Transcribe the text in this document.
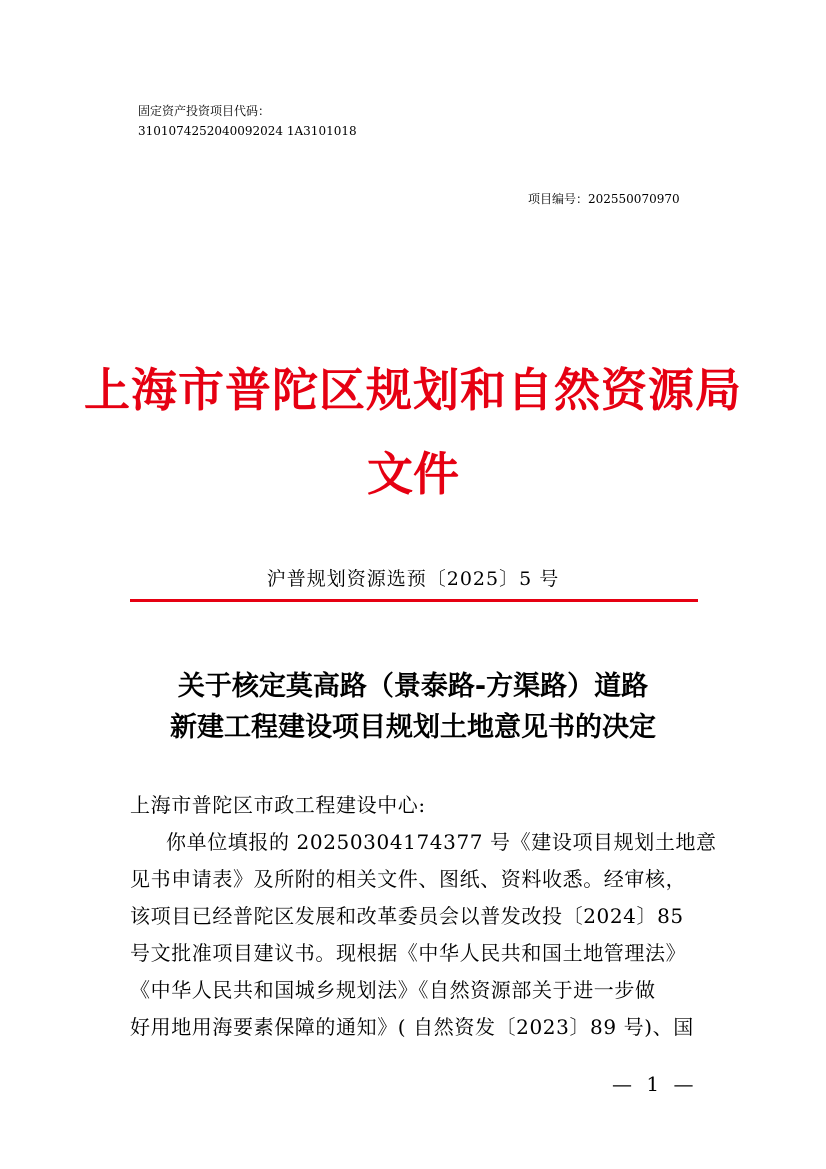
固定资产投资项目代码：
3101074252040092024 1A3101018
项目编号：202550070970
上海市普陀区规划和自然资源局
文件
沪普规划资源选预〔2025〕5 号
关于核定莫高路（景泰路-方渠路）道路
新建工程建设项目规划土地意见书的决定
上海市普陀区市政工程建设中心:
你单位填报的 20250304174377 号《建设项目规划土地意
见书申请表》及所附的相关文件、图纸、资料收悉。经审核，
该项目已经普陀区发展和改革委员会以普发改投〔2024〕85
号文批准项目建议书。现根据《中华人民共和国土地管理法》
《中华人民共和国城乡规划法》《自然资源部关于进一步做
好用地用海要素保障的通知》( 自然资发〔2023〕89 号)、国
— 1 —
